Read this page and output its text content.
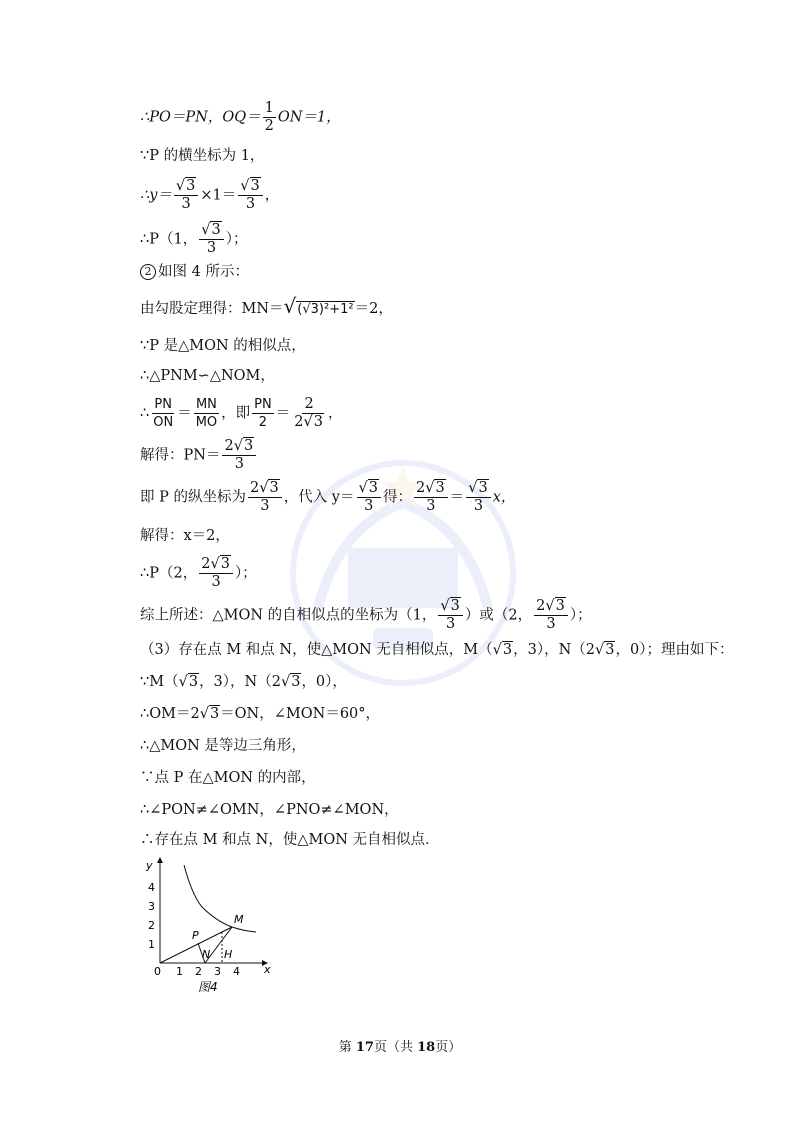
∴PO＝PN，$OQ= \frac{1}{2} ON=1$，
∵P 的横坐标为 1，
∴y＝ $\frac{√3}{3} \times 1= \frac{√3}{3}$ ，
∴P（1， $\frac{√3}{3}$ ）；
2 如图 4 所示：
由勾股定理得：MN＝√(√3)²+1²＝2，
∵P 是△MON 的相似点，
∴△PNM∽△NOM，
∴ $\frac{PN}{ON} = \frac{MN}{MO}$ ，即 $\frac{PN}{2} = \frac{2}{2√3}$ ，
解得：$PN= \frac{2√3}{3}$
即 P 的纵坐标为 $\frac{2√3}{3}$ ，代入 $y= \frac{√3}{3}$ 得： $\frac{2√3}{3} = \frac{√3}{3}$ x，
解得：x＝2，
∴P（2， $\frac{2√3}{3}$ ）；
综上所述：△MON 的自相似点的坐标为（1， $\frac{√3}{3}$ ）或（2， $\frac{2√3}{3}$ ）；
（3）存在点 M 和点 N，使△MON 无自相似点，M（√3，3），N（2√3，0）；理由如下：
∵M（√3，3），N（2√3，0），
∴OM＝2√3＝ON，∠MON＝60°，
∴△MON 是等边三角形，
∵点 P 在△MON 的内部，
∴∠PON≠∠OMN，∠PNO≠∠MON，
∴存在点 M 和点 N，使△MON 无自相似点．
x
y
0 1 2 3 4
1
2
3
4
M
P
N H
图4
第 17页（共 18页）
